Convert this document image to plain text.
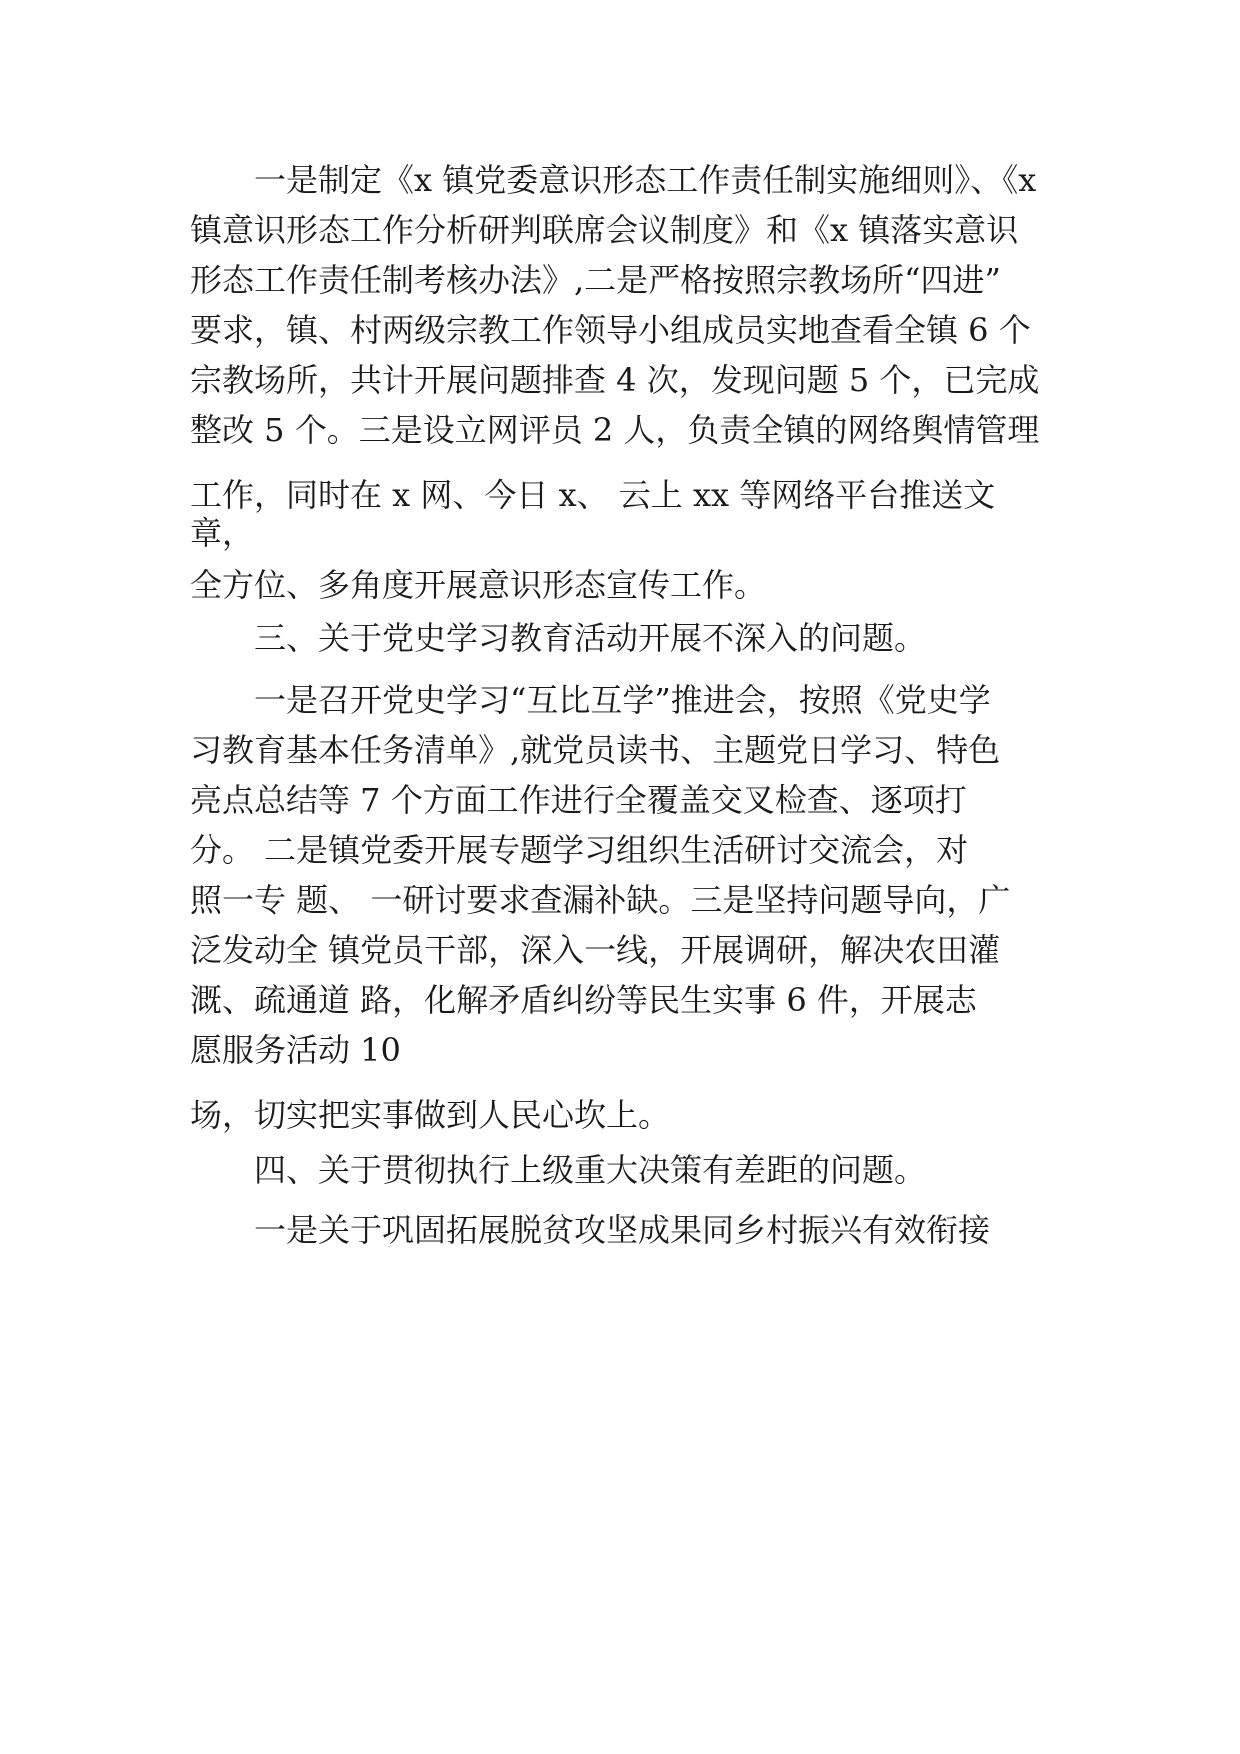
一是制定《x 镇党委意识形态工作责任制实施细则》、《x

镇意识形态工作分析研判联席会议制度》和《x 镇落实意识

形态工作责任制考核办法》,二是严格按照宗教场所“四进”

要求，镇、村两级宗教工作领导小组成员实地查看全镇 6 个

宗教场所，共计开展问题排查 4 次，发现问题 5 个，已完成

整改 5 个。三是设立网评员 2 人，负责全镇的网络舆情管理

工作，同时在 x 网、今日 x、 云上 xx 等网络平台推送文

章，

全方位、多角度开展意识形态宣传工作。

三、关于党史学习教育活动开展不深入的问题。

一是召开党史学习“互比互学”推进会，按照《党史学

习教育基本任务清单》,就党员读书、主题党日学习、特色

亮点总结等 7 个方面工作进行全覆盖交叉检查、逐项打

分。 二是镇党委开展专题学习组织生活研讨交流会，对

照一专 题、 一研讨要求查漏补缺。三是坚持问题导向，广

泛发动全 镇党员干部，深入一线，开展调研，解决农田灌

溉、疏通道 路，化解矛盾纠纷等民生实事 6 件，开展志

愿服务活动 10

场，切实把实事做到人民心坎上。

四、关于贯彻执行上级重大决策有差距的问题。

一是关于巩固拓展脱贫攻坚成果同乡村振兴有效衔接
